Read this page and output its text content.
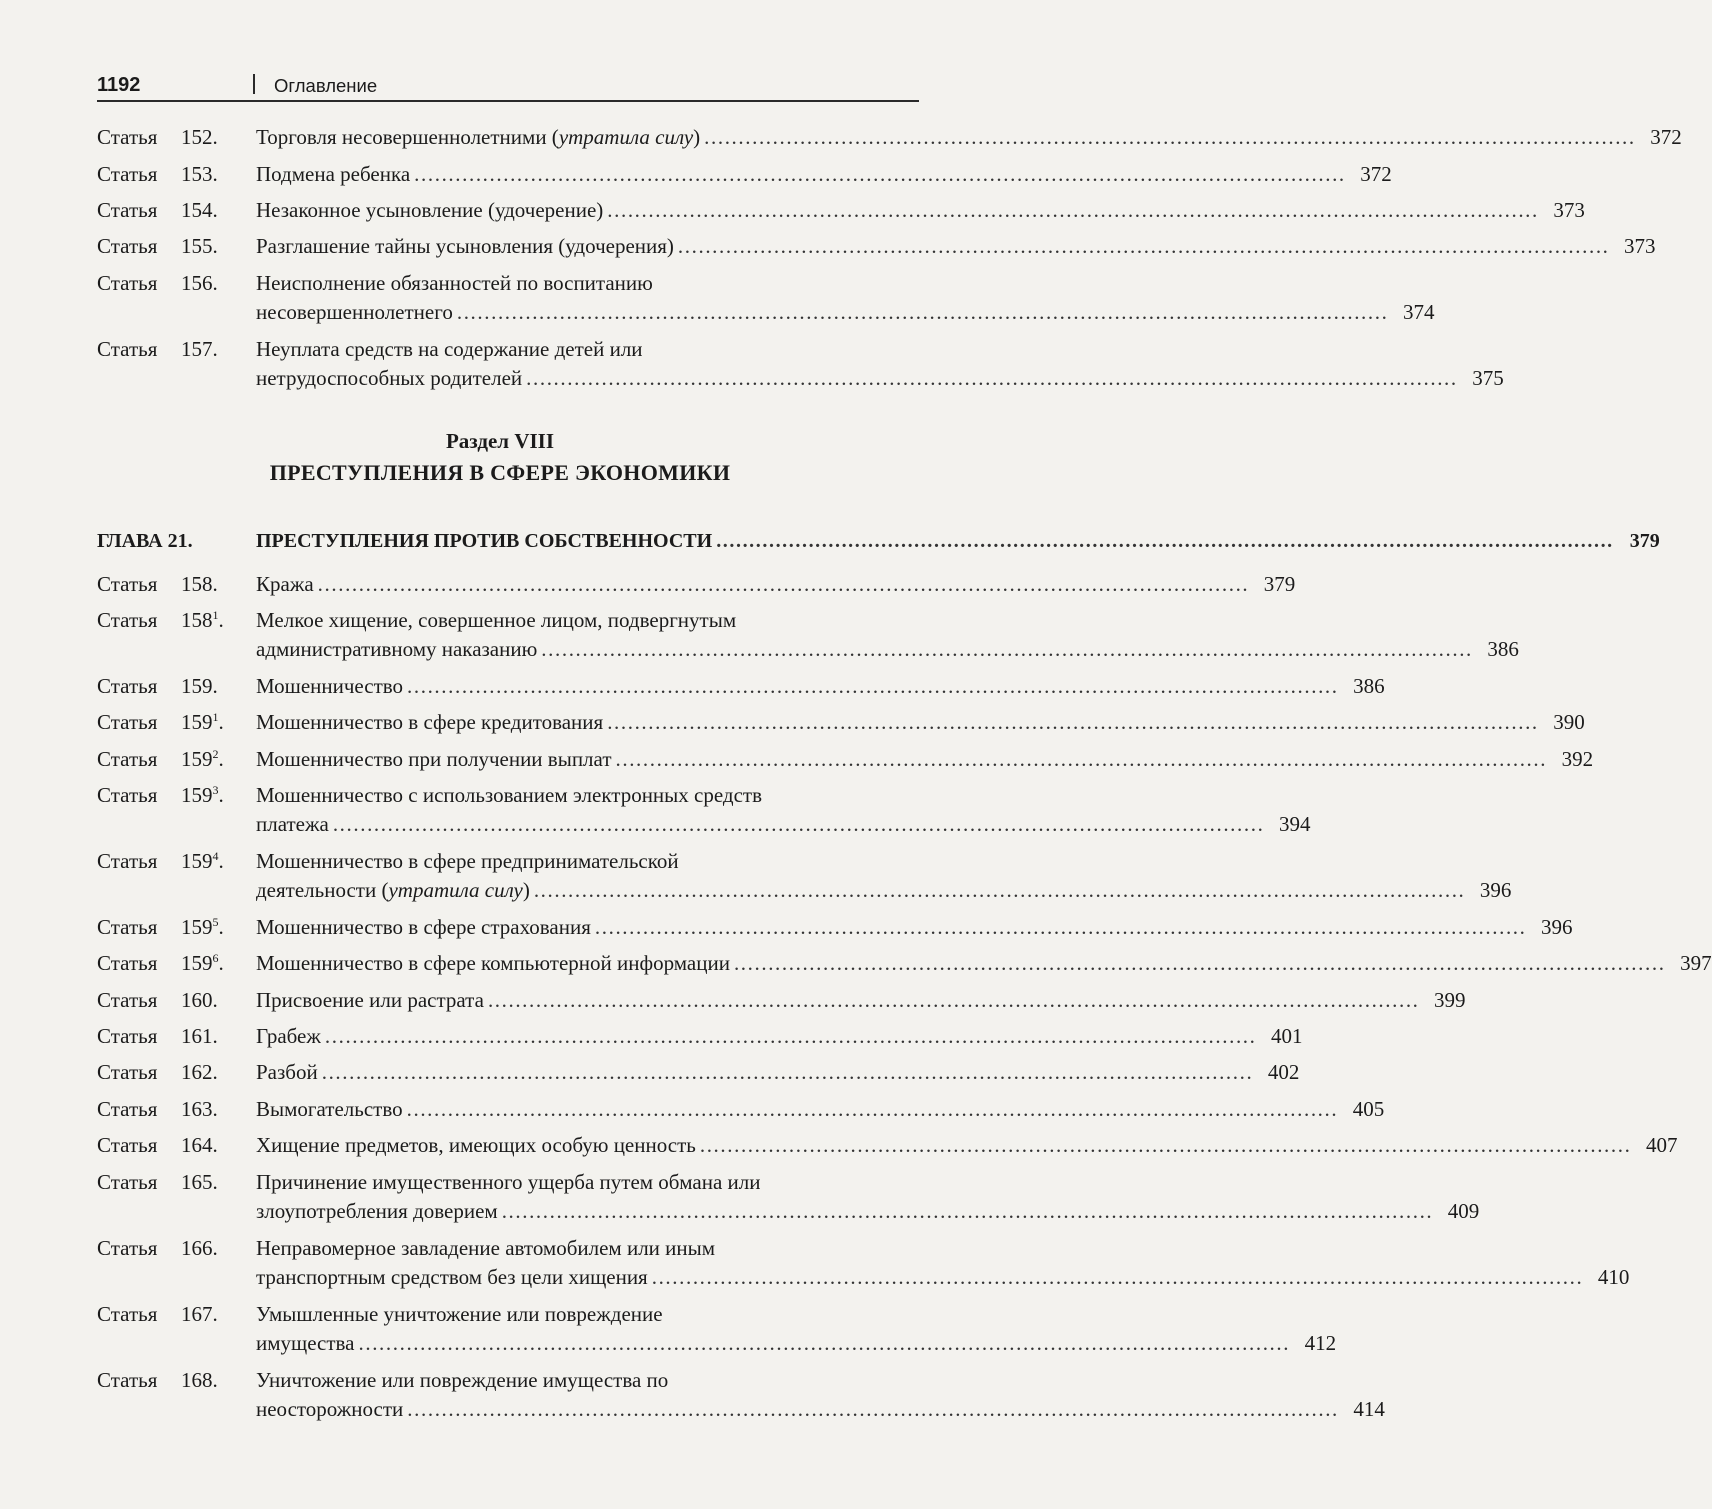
1192	Оглавление
Статья 152. Торговля несовершеннолетними (утратила силу) ........................................................................................................................................ 372
Статья 153. Подмена ребенка ........................................................................................................................................ 372
Статья 154. Незаконное усыновление (удочерение) ........................................................................................................................................ 373
Статья 155. Разглашение тайны усыновления (удочерения) ........................................................................................................................................ 373
Статья 156. Неисполнение обязанностей по воспитанию
несовершеннолетнего ........................................................................................................................................ 374
Статья 157. Неуплата средств на содержание детей или
нетрудоспособных родителей ........................................................................................................................................ 375
ГЛАВА 21.	ПРЕСТУПЛЕНИЯ ПРОТИВ СОБСТВЕННОСТИ ........................................................................................................................................ 379
Статья 158. Кража ........................................................................................................................................ 379
Статья $158^1$. Мелкое хищение, совершенное лицом, подвергнутым
административному наказанию ........................................................................................................................................ 386
Статья 159. Мошенничество ........................................................................................................................................ 386
Статья $159^1$. Мошенничество в сфере кредитования ........................................................................................................................................ 390
Статья $159^2$. Мошенничество при получении выплат ........................................................................................................................................ 392
Статья $159^3$. Мошенничество с использованием электронных средств
платежа ........................................................................................................................................ 394
Статья $159^4$. Мошенничество в сфере предпринимательской
деятельности (утратила силу) ........................................................................................................................................ 396
Статья $159^5$. Мошенничество в сфере страхования ........................................................................................................................................ 396
Статья $159^6$. Мошенничество в сфере компьютерной информации ........................................................................................................................................ 397
Статья 160. Присвоение или растрата ........................................................................................................................................ 399
Статья 161. Грабеж ........................................................................................................................................ 401
Статья 162. Разбой ........................................................................................................................................ 402
Статья 163. Вымогательство ........................................................................................................................................ 405
Статья 164. Хищение предметов, имеющих особую ценность ........................................................................................................................................ 407
Статья 165. Причинение имущественного ущерба путем обмана или
злоупотребления доверием ........................................................................................................................................ 409
Статья 166. Неправомерное завладение автомобилем или иным
транспортным средством без цели хищения ........................................................................................................................................ 410
Статья 167. Умышленные уничтожение или повреждение
имущества ........................................................................................................................................ 412
Статья 168. Уничтожение или повреждение имущества по
неосторожности ........................................................................................................................................ 414
Раздел VIII
ПРЕСТУПЛЕНИЯ В СФЕРЕ ЭКОНОМИКИ
